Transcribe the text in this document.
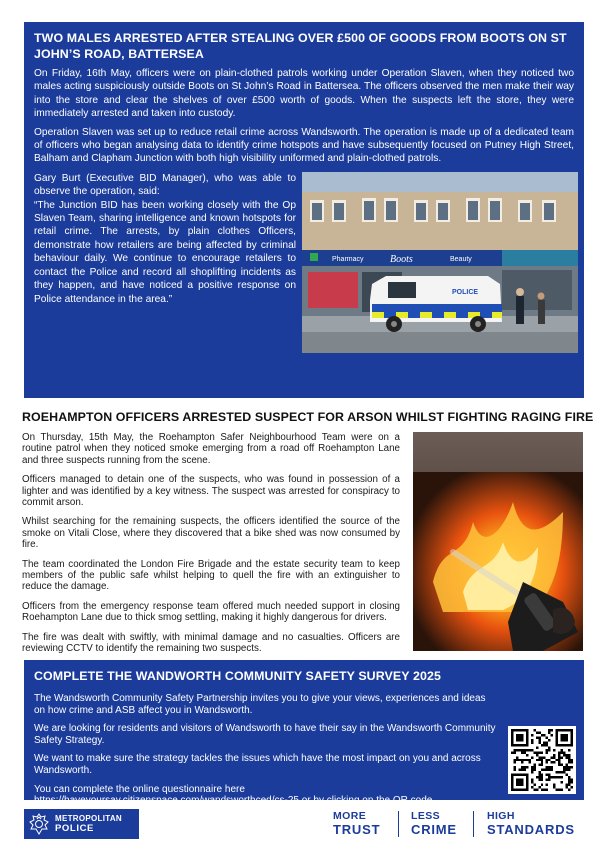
TWO MALES ARRESTED AFTER STEALING OVER £500 OF GOODS FROM BOOTS ON ST JOHN’S ROAD, BATTERSEA

On Friday, 16th May, officers were on plain-clothed patrols working under Operation Slaven, when they noticed two males acting suspiciously outside Boots on St John’s Road in Battersea. The officers observed the men make their way into the store and clear the shelves of over £500 worth of goods. When the suspects left the store, they were immediately arrested and taken into custody.

Operation Slaven was set up to reduce retail crime across Wandsworth. The operation is made up of a dedicated team of officers who began analysing data to identify crime hotspots and have subsequently focused on Putney High Street, Balham and Clapham Junction with both high visibility uniformed and plain-clothed patrols.

Gary Burt (Executive BID Manager), who was able to observe the operation, said:

“The Junction BID has been working closely with the Op Slaven Team, sharing intelligence and known hotspots for retail crime. The arrests, by plain clothes Officers, demonstrate how retailers are being affected by criminal behaviour daily. We continue to encourage retailers to contact the Police and record all shoplifting incidents as they happen, and have noticed a positive response on Police attendance in the area.”

Pharmacy	Boots	Beauty
POLICE
ROEHAMPTON OFFICERS ARRESTED SUSPECT FOR ARSON WHILST FIGHTING RAGING FIRE

On Thursday, 15th May, the Roehampton Safer Neighbourhood Team were on a routine patrol when they noticed smoke emerging from a road off Roehampton Lane and three suspects running from the scene.

Officers managed to detain one of the suspects, who was found in possession of a lighter and was identified by a key witness. The suspect was arrested for conspiracy to commit arson.

Whilst searching for the remaining suspects, the officers identified the source of the smoke on Vitali Close, where they discovered that a bike shed was now consumed by fire.

The team coordinated the London Fire Brigade and the estate security team to keep members of the public safe whilst helping to quell the fire with an extinguisher to reduce the damage.

Officers from the emergency response team offered much needed support in closing Roehampton Lane due to thick smog settling, making it highly dangerous for drivers.

The fire was dealt with swiftly, with minimal damage and no casualties. Officers are reviewing CCTV to identify the remaining two suspects.

COMPLETE THE WANDWORTH COMMUNITY SAFETY SURVEY 2025

The Wandsworth Community Safety Partnership invites you to give your views, experiences and ideas on how crime and ASB affect you in Wandsworth.

We are looking for residents and visitors of Wandsworth to have their say in the Wandsworth Community Safety Strategy.

We want to make sure the strategy tackles the issues which have the most impact on you and across Wandsworth.

You can complete the online questionnaire here
https://haveyoursay.citizenspace.com/wandsworthced/cs-25 or by clicking on the QR code.

METROPOLITAN
POLICE
MORE
TRUST
LESS
CRIME
HIGH
STANDARDS
